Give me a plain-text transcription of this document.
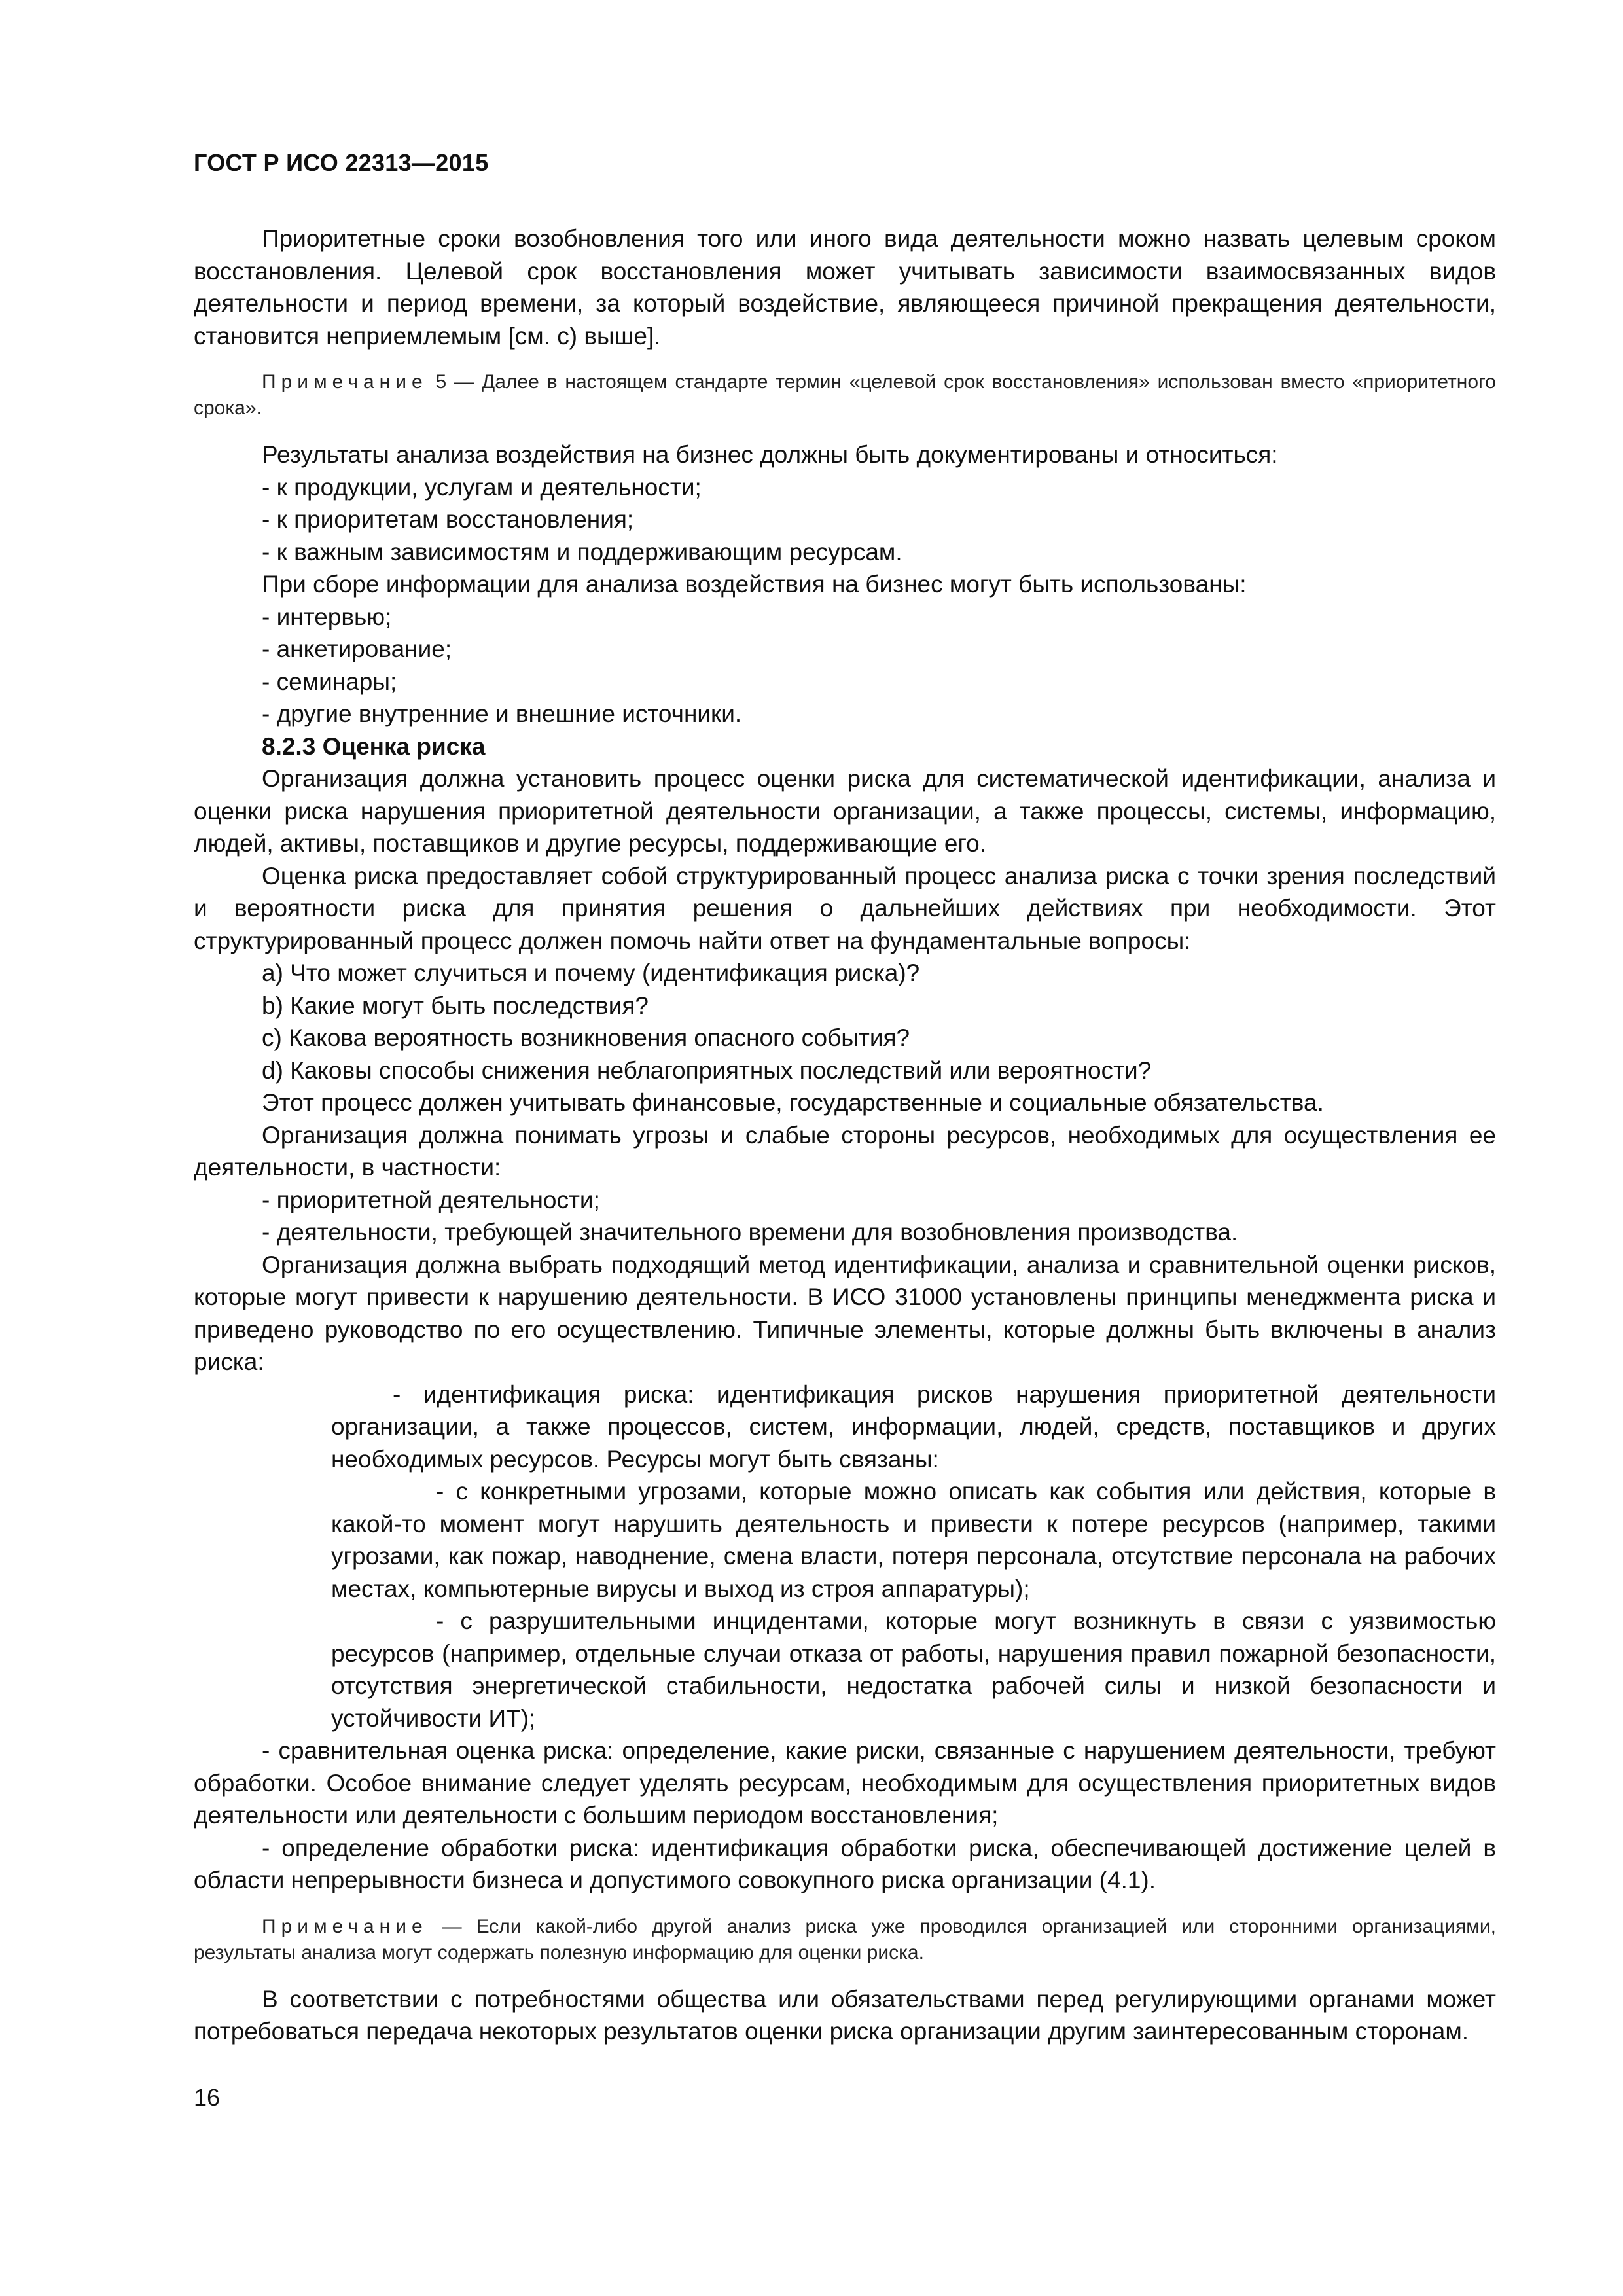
ГОСТ Р ИСО 22313—2015

Приоритетные сроки возобновления того или иного вида деятельности можно назвать целевым сроком восстановления. Целевой срок восстановления может учитывать зависимости взаимосвязанных видов деятельности и период времени, за который воздействие, являющееся причиной прекращения деятельности, становится неприемлемым [см. с) выше].

Примечание 5 — Далее в настоящем стандарте термин «целевой срок восстановления» использован вместо «приоритетного срока».

Результаты анализа воздействия на бизнес должны быть документированы и относиться:

- к продукции, услугам и деятельности;

- к приоритетам восстановления;

- к важным зависимостям и поддерживающим ресурсам.

При сборе информации для анализа воздействия на бизнес могут быть использованы:

- интервью;

- анкетирование;

- семинары;

- другие внутренние и внешние источники.

8.2.3 Оценка риска

Организация должна установить процесс оценки риска для систематической идентификации, анализа и оценки риска нарушения приоритетной деятельности организации, а также процессы, системы, информацию, людей, активы, поставщиков и другие ресурсы, поддерживающие его.

Оценка риска предоставляет собой структурированный процесс анализа риска с точки зрения последствий и вероятности риска для принятия решения о дальнейших действиях при необходимости. Этот структурированный процесс должен помочь найти ответ на фундаментальные вопросы:

a) Что может случиться и почему (идентификация риска)?

b) Какие могут быть последствия?

c) Какова вероятность возникновения опасного события?

d) Каковы способы снижения неблагоприятных последствий или вероятности?

Этот процесс должен учитывать финансовые, государственные и социальные обязательства.

Организация должна понимать угрозы и слабые стороны ресурсов, необходимых для осуществления ее деятельности, в частности:

- приоритетной деятельности;

- деятельности, требующей значительного времени для возобновления производства.

Организация должна выбрать подходящий метод идентификации, анализа и сравнительной оценки рисков, которые могут привести к нарушению деятельности. В ИСО 31000 установлены принципы менеджмента риска и приведено руководство по его осуществлению. Типичные элементы, которые должны быть включены в анализ риска:

- идентификация риска: идентификация рисков нарушения приоритетной деятельности организации, а также процессов, систем, информации, людей, средств, поставщиков и других необходимых ресурсов. Ресурсы могут быть связаны:

- с конкретными угрозами, которые можно описать как события или действия, которые в какой-то момент могут нарушить деятельность и привести к потере ресурсов (например, такими угрозами, как пожар, наводнение, смена власти, потеря персонала, отсутствие персонала на рабочих местах, компьютерные вирусы и выход из строя аппаратуры);

- с разрушительными инцидентами, которые могут возникнуть в связи с уязвимостью ресурсов (например, отдельные случаи отказа от работы, нарушения правил пожарной безопасности, отсутствия энергетической стабильности, недостатка рабочей силы и низкой безопасности и устойчивости ИТ);

- сравнительная оценка риска: определение, какие риски, связанные с нарушением деятельности, требуют обработки. Особое внимание следует уделять ресурсам, необходимым для осуществления приоритетных видов деятельности или деятельности с большим периодом восстановления;

- определение обработки риска: идентификация обработки риска, обеспечивающей достижение целей в области непрерывности бизнеса и допустимого совокупного риска организации (4.1).

Примечание — Если какой-либо другой анализ риска уже проводился организацией или сторонними организациями, результаты анализа могут содержать полезную информацию для оценки риска.

В соответствии с потребностями общества или обязательствами перед регулирующими органами может потребоваться передача некоторых результатов оценки риска организации другим заинтересованным сторонам.

16
